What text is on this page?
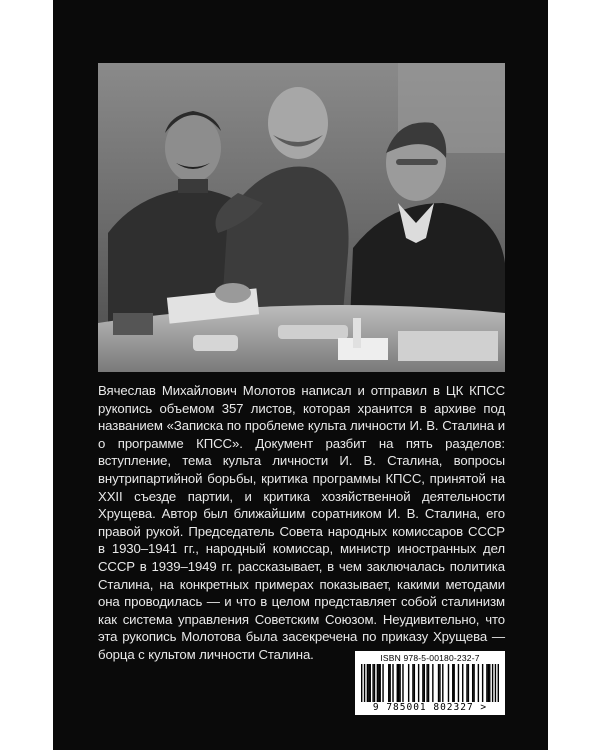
Вячеслав Михайлович Молотов написал и отправил в ЦК КПСС рукопись объемом 357 листов, которая хранится в архиве под названием «Записка по проблеме культа личности И. В. Сталина и о программе КПСС». Документ разбит на пять разделов: вступление, тема культа личности И. В. Сталина, вопросы внутрипартийной борьбы, критика программы КПСС, принятой на XXII съезде партии, и критика хозяйственной деятельности Хрущева. Автор был ближайшим соратником И. В. Сталина, его правой рукой. Председатель Совета народных комиссаров СССР в 1930–1941 гг., народный комиссар, министр иностранных дел СССР в 1939–1949 гг. рассказывает, в чем заключалась политика Сталина, на конкретных примерах показывает, какими методами она проводилась — и что в целом представляет собой сталинизм как система управления Советским Союзом. Неудивительно, что эта рукопись Молотова была засекречена по приказу Хрущева — борца с культом личности Сталина.	ISBN 978-5-00180-232-7
9 785001 802327 >
